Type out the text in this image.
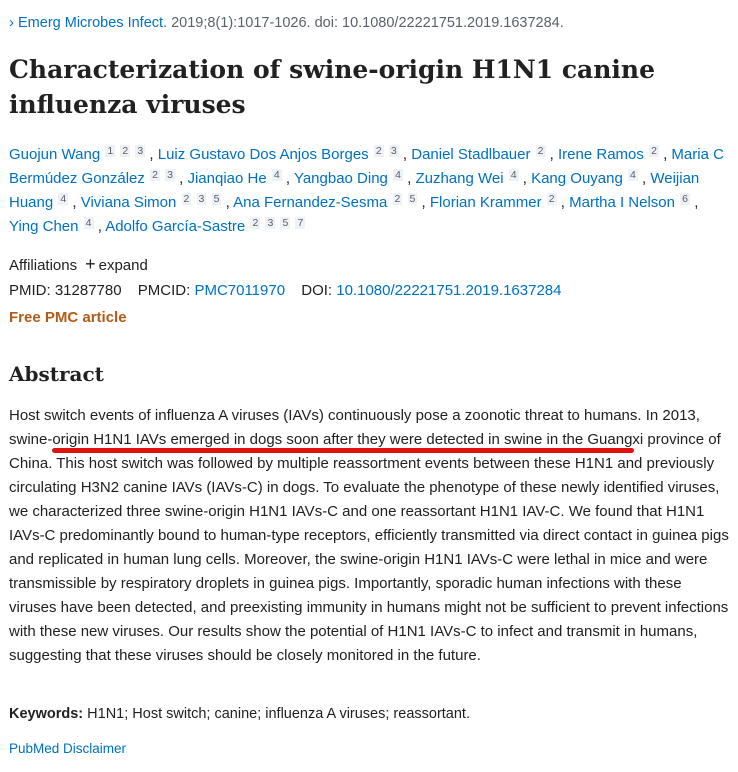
› Emerg Microbes Infect. 2019;8(1):1017-1026. doi: 10.1080/22221751.2019.1637284.
Characterization of swine-origin H1N1 canine influenza viruses
Guojun Wang $^1$ $^2$ $^3$ , Luiz Gustavo Dos Anjos Borges $^2$ $^3$ , Daniel Stadlbauer $^2$ , Irene Ramos $^2$ , Maria C Bermúdez González $^2$ $^3$ , Jianqiao He $^4$ , Yangbao Ding $^4$ , Zuzhang Wei $^4$ , Kang Ouyang $^4$ , Weijian Huang $^4$ , Viviana Simon $^2$ $^3$ $^5$ , Ana Fernandez-Sesma $^2$ $^5$ , Florian Krammer $^2$ , Martha I Nelson $^6$ , Ying Chen $^4$ , Adolfo García-Sastre $^2$ $^3$ $^5$ $^7$
Affiliations + expand
PMID: 31287780 PMCID: PMC7011970 DOI: 10.1080/22221751.2019.1637284
Free PMC article
Abstract

Host switch events of influenza A viruses (IAVs) continuously pose a zoonotic threat to humans. In 2013, swine-origin H1N1 IAVs emerged in dogs soon after they were detected in swine in the Guangxi province of China. This host switch was followed by multiple reassortment events between these H1N1 and previously circulating H3N2 canine IAVs (IAVs-C) in dogs. To evaluate the phenotype of these newly identified viruses, we characterized three swine-origin H1N1 IAVs-C and one reassortant H1N1 IAV-C. We found that H1N1 IAVs-C predominantly bound to human-type receptors, efficiently transmitted via direct contact in guinea pigs and replicated in human lung cells. Moreover, the swine-origin H1N1 IAVs-C were lethal in mice and were transmissible by respiratory droplets in guinea pigs. Importantly, sporadic human infections with these viruses have been detected, and preexisting immunity in humans might not be sufficient to prevent infections with these new viruses. Our results show the potential of H1N1 IAVs-C to infect and transmit in humans, suggesting that these viruses should be closely monitored in the future.

Keywords: H1N1; Host switch; canine; influenza A viruses; reassortant.
PubMed Disclaimer
